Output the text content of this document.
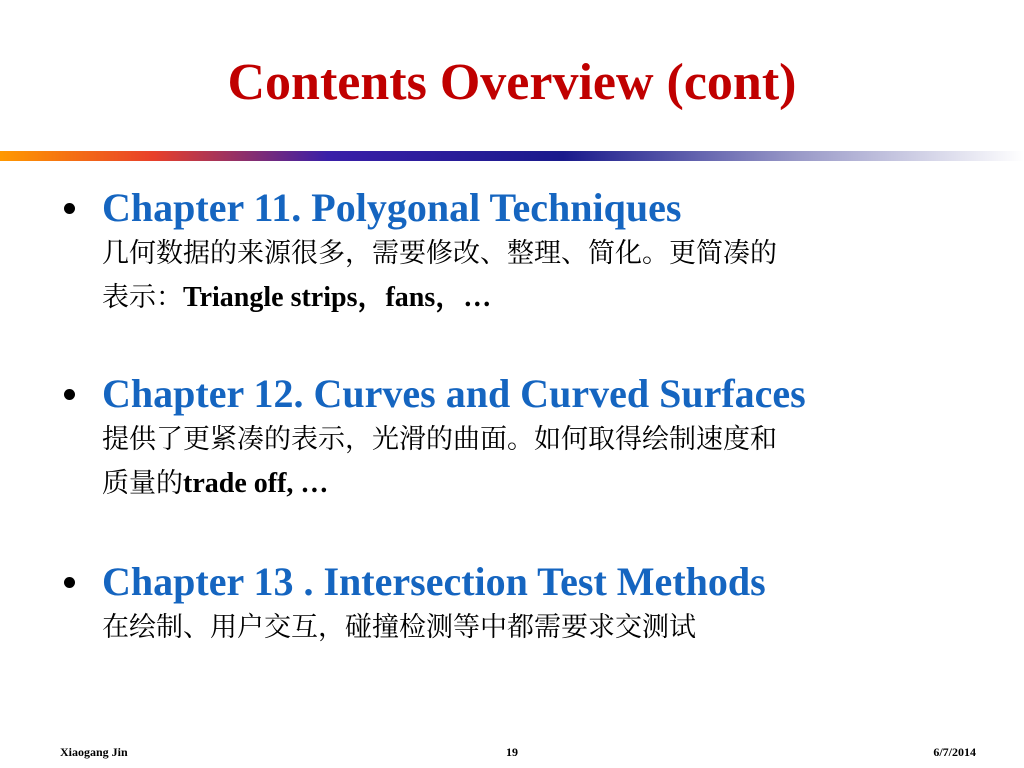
Contents Overview (cont)
Chapter 11. Polygonal Techniques
几何数据的来源很多，需要修改、整理、简化。更简凑的
表示：Triangle strips，fans，…
Chapter 12. Curves and Curved Surfaces
提供了更紧凑的表示，光滑的曲面。如何取得绘制速度和
质量的trade off, …
Chapter 13 . Intersection Test Methods
在绘制、用户交互，碰撞检测等中都需要求交测试
Xiaogang Jin	19	6/7/2014
